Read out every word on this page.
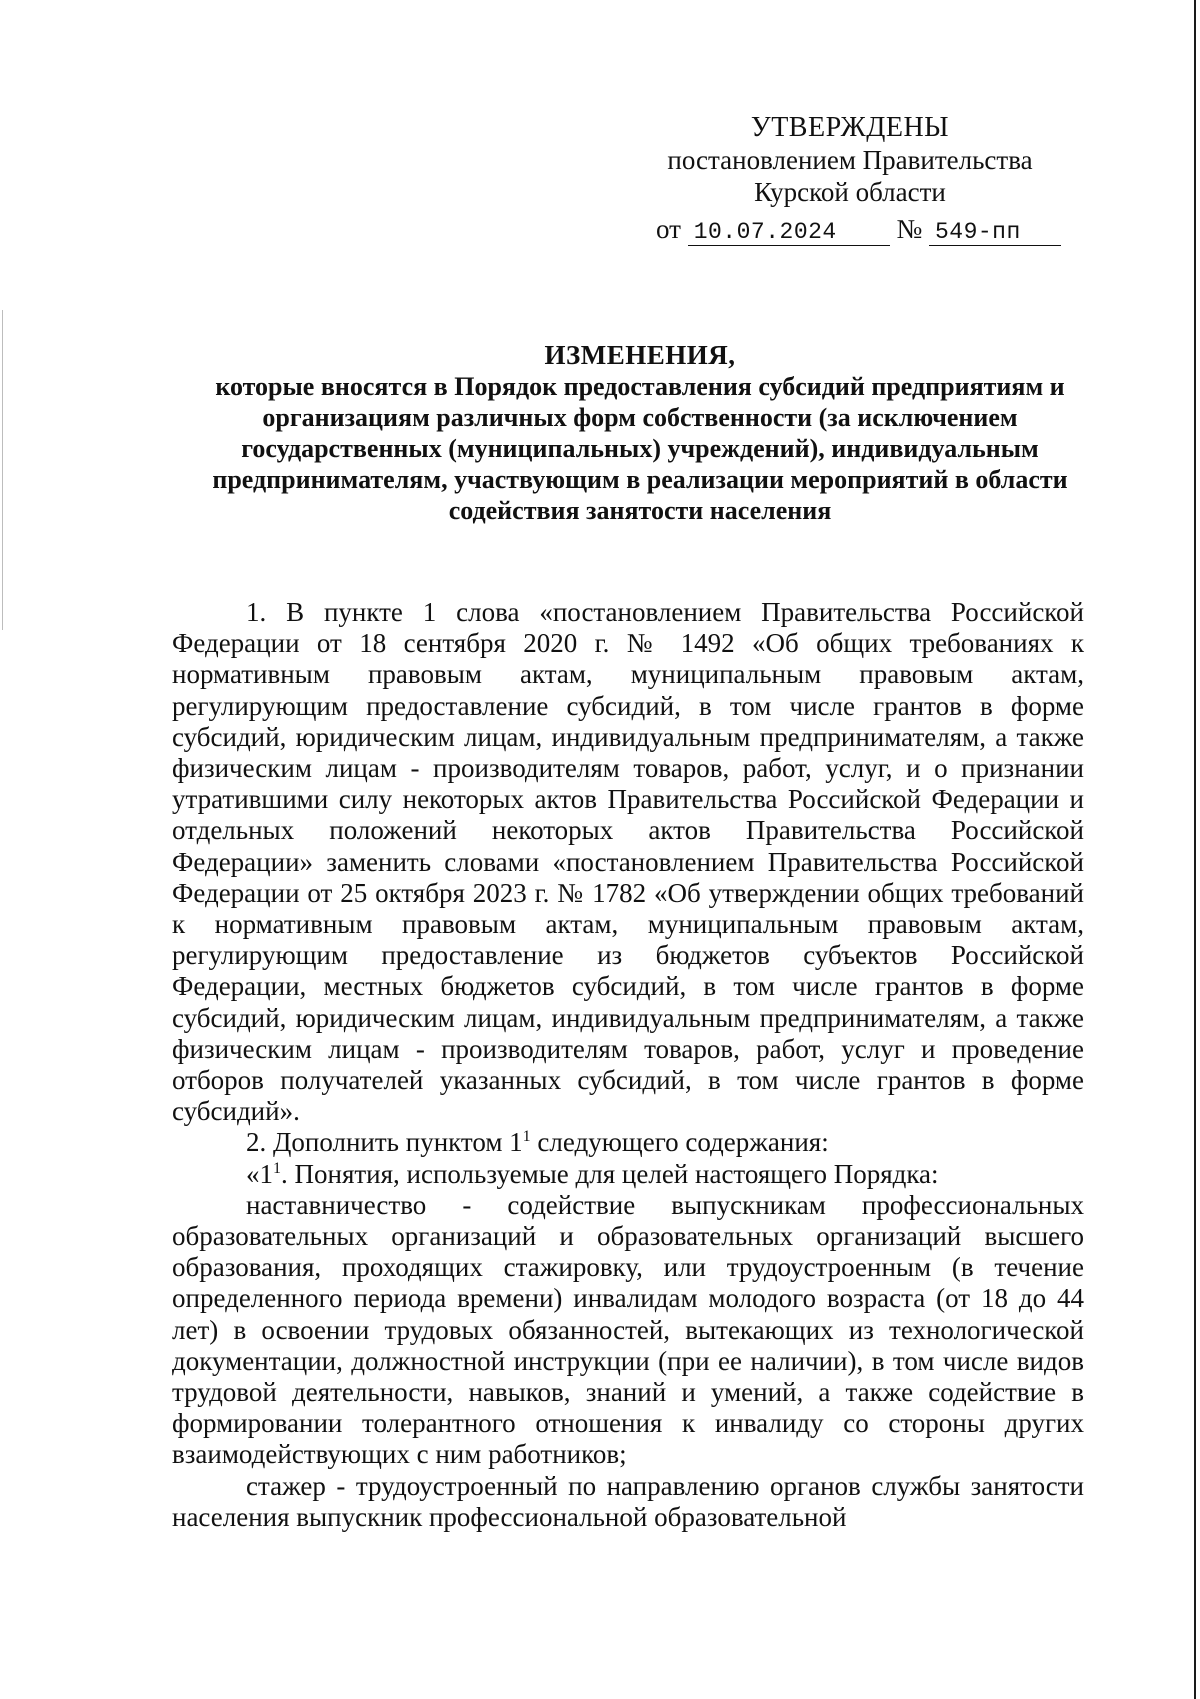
УТВЕРЖДЕНЫ
постановлением Правительства
Курской области
от 10.07.2024 № 549-пп
ИЗМЕНЕНИЯ,
которые вносятся в Порядок предоставления субсидий предприятиям и организациям различных форм собственности (за исключением государственных (муниципальных) учреждений), индивидуальным предпринимателям, участвующим в реализации мероприятий в области содействия занятости населения

1. В пункте 1 слова «постановлением Правительства Российской Федерации от 18 сентября 2020 г. № 1492 «Об общих требованиях к нормативным правовым актам, муниципальным правовым актам, регулирующим предоставление субсидий, в том числе грантов в форме субсидий, юридическим лицам, индивидуальным предпринимателям, а также физическим лицам - производителям товаров, работ, услуг, и о признании утратившими силу некоторых актов Правительства Российской Федерации и отдельных положений некоторых актов Правительства Российской Федерации» заменить словами «постановлением Правительства Российской Федерации от 25 октября 2023 г. № 1782 «Об утверждении общих требований к нормативным правовым актам, муниципальным правовым актам, регулирующим предоставление из бюджетов субъектов Российской Федерации, местных бюджетов субсидий, в том числе грантов в форме субсидий, юридическим лицам, индивидуальным предпринимателям, а также физическим лицам - производителям товаров, работ, услуг и проведение отборов получателей указанных субсидий, в том числе грантов в форме субсидий».

2. Дополнить пунктом $1^1$ следующего содержания:

«$1^1$. Понятия, используемые для целей настоящего Порядка:

наставничество - содействие выпускникам профессиональных образовательных организаций и образовательных организаций высшего образования, проходящих стажировку, или трудоустроенным (в течение определенного периода времени) инвалидам молодого возраста (от 18 до 44 лет) в освоении трудовых обязанностей, вытекающих из технологической документации, должностной инструкции (при ее наличии), в том числе видов трудовой деятельности, навыков, знаний и умений, а также содействие в формировании толерантного отношения к инвалиду со стороны других взаимодействующих с ним работников;

стажер - трудоустроенный по направлению органов службы занятости населения выпускник профессиональной образовательной
